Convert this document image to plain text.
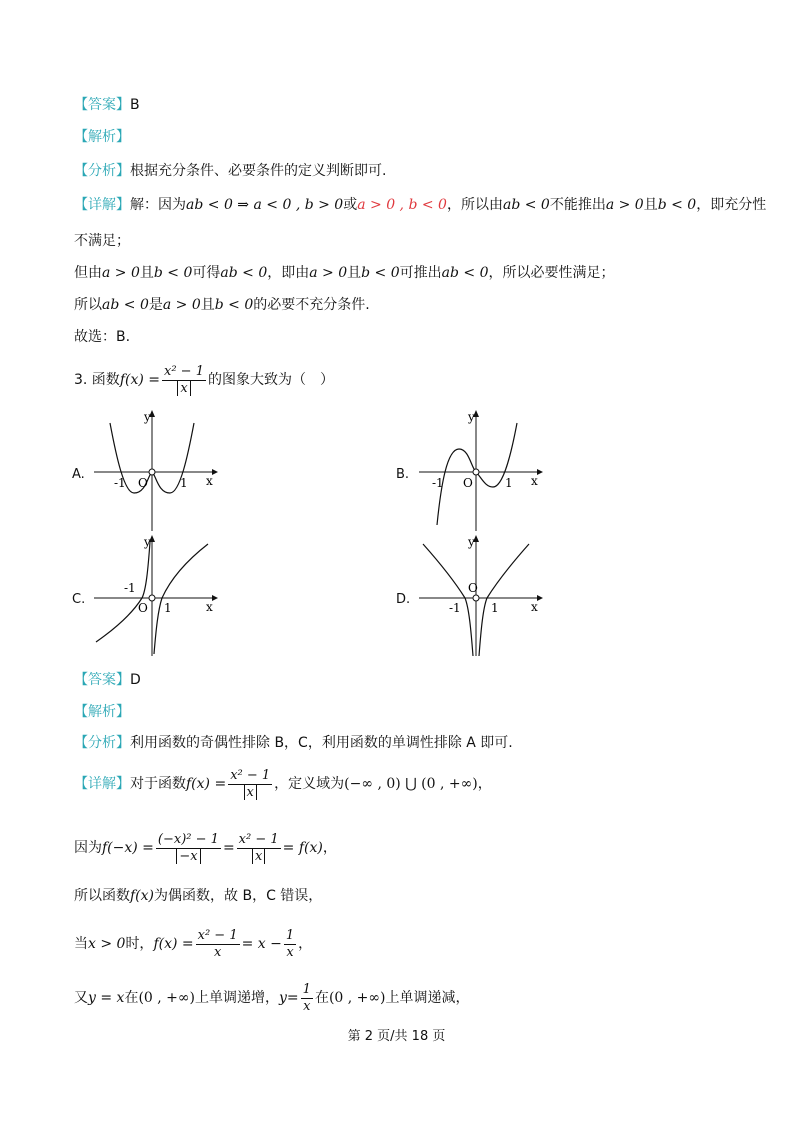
【答案】B
【解析】
【分析】根据充分条件、必要条件的定义判断即可.
【详解】解：因为ab < 0 ⇒ a < 0 , b > 0或a > 0 , b < 0，所以由ab < 0不能推出a > 0且b < 0，即充分性
不满足；
但由a > 0且b < 0可得ab < 0，即由a > 0且b < 0可推出ab < 0，所以必要性满足；
所以ab < 0是a > 0且b < 0的必要不充分条件.
故选：B.
3. 函数$f(x) = \frac{\text{x² − 1}}{x}$ 的图象大致为（　）
A.	B.
C.	D.
y
x
O
-1	1
y
x
O
-1	1
y
x
O
-1
1
y
x
O
-1	1
【答案】D
【解析】
【分析】利用函数的奇偶性排除 B，C，利用函数的单调性排除 A 即可.
【详解】对于函数$f(x) = \frac{\text{x² − 1}}{x}$ ，定义域为(−∞ , 0) ⋃ (0 , +∞)，
因为$f(-x) = \frac{\text{(−x)² − 1}}{-x} = \frac{\text{x² − 1}}{x} = f(x)$，
所以函数f(x)为偶函数，故 B，C 错误，
当x > 0时，$f(x) = \frac{\text{x² − 1}}{x} = x - \frac{1}{x}$ ，
又y = x在(0 , +∞)上单调递增，$y= \frac{1}{x}$ 在(0 , +∞)上单调递减，
第 2 页/共 18 页
